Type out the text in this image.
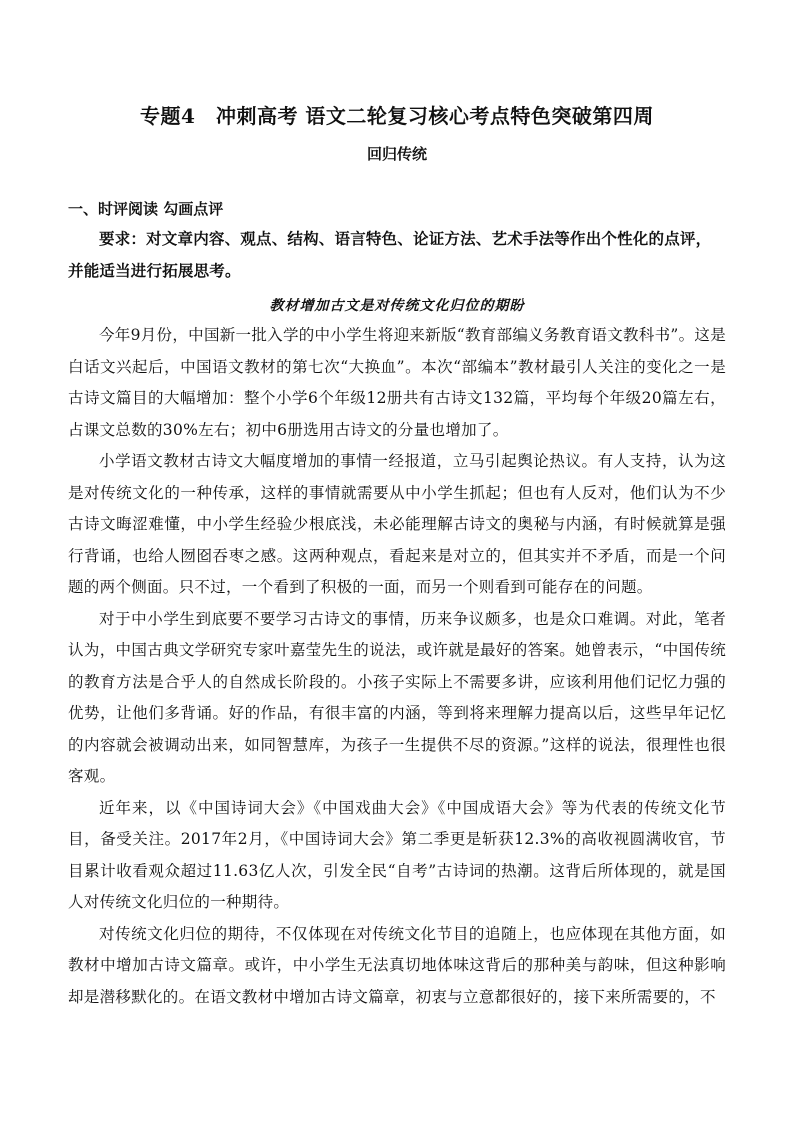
专题4　冲刺高考 语文二轮复习核心考点特色突破第四周
回归传统
一、时评阅读 勾画点评

要求：对文章内容、观点、结构、语言特色、论证方法、艺术手法等作出个性化的点评，并能适当进行拓展思考。

教材增加古文是对传统文化归位的期盼

今年9月份，中国新一批入学的中小学生将迎来新版“教育部编义务教育语文教科书”。这是白话文兴起后，中国语文教材的第七次“大换血”。本次“部编本”教材最引人关注的变化之一是古诗文篇目的大幅增加：整个小学6个年级12册共有古诗文132篇，平均每个年级20篇左右，占课文总数的30%左右；初中6册选用古诗文的分量也增加了。

小学语文教材古诗文大幅度增加的事情一经报道，立马引起舆论热议。有人支持，认为这是对传统文化的一种传承，这样的事情就需要从中小学生抓起；但也有人反对，他们认为不少古诗文晦涩难懂，中小学生经验少根底浅，未必能理解古诗文的奥秘与内涵，有时候就算是强行背诵，也给人囫囵吞枣之感。这两种观点，看起来是对立的，但其实并不矛盾，而是一个问题的两个侧面。只不过，一个看到了积极的一面，而另一个则看到可能存在的问题。

对于中小学生到底要不要学习古诗文的事情，历来争议颇多，也是众口难调。对此，笔者认为，中国古典文学研究专家叶嘉莹先生的说法，或许就是最好的答案。她曾表示，“中国传统的教育方法是合乎人的自然成长阶段的。小孩子实际上不需要多讲，应该利用他们记忆力强的优势，让他们多背诵。好的作品，有很丰富的内涵，等到将来理解力提高以后，这些早年记忆的内容就会被调动出来，如同智慧库，为孩子一生提供不尽的资源。”这样的说法，很理性也很客观。

近年来，以《中国诗词大会》《中国戏曲大会》《中国成语大会》等为代表的传统文化节目，备受关注。2017年2月，《中国诗词大会》第二季更是斩获12.3%的高收视圆满收官，节目累计收看观众超过11.63亿人次，引发全民“自考”古诗词的热潮。这背后所体现的，就是国人对传统文化归位的一种期待。

对传统文化归位的期待，不仅体现在对传统文化节目的追随上，也应体现在其他方面，如教材中增加古诗文篇章。或许，中小学生无法真切地体味这背后的那种美与韵味，但这种影响却是潜移默化的。在语文教材中增加古诗文篇章，初衷与立意都很好的，接下来所需要的，不
